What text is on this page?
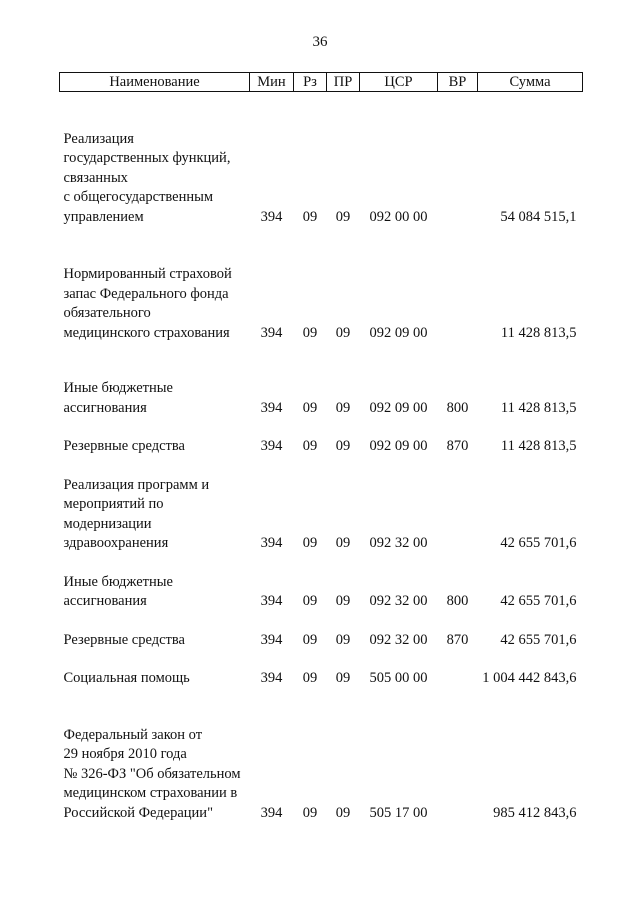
36
Наименование	Мин	Рз	ПР	ЦСР	ВР	Сумма

Реализация
государственных функций,
связанных
с общегосударственным
управлением	394	09	09	092 00 00		54 084 515,1

Нормированный страховой
запас Федерального фонда
обязательного
медицинского страхования	394	09	09	092 09 00		11 428 813,5

Иные бюджетные
ассигнования	394	09	09	092 09 00	800	11 428 813,5

Резервные средства	394	09	09	092 09 00	870	11 428 813,5

Реализация программ и
мероприятий по
модернизации
здравоохранения	394	09	09	092 32 00		42 655 701,6

Иные бюджетные
ассигнования	394	09	09	092 32 00	800	42 655 701,6

Резервные средства	394	09	09	092 32 00	870	42 655 701,6

Социальная помощь	394	09	09	505 00 00		1 004 442 843,6

Федеральный закон от
29 ноября 2010 года
№ 326-ФЗ "Об обязательном
медицинском страховании в
Российской Федерации"	394	09	09	505 17 00		985 412 843,6
